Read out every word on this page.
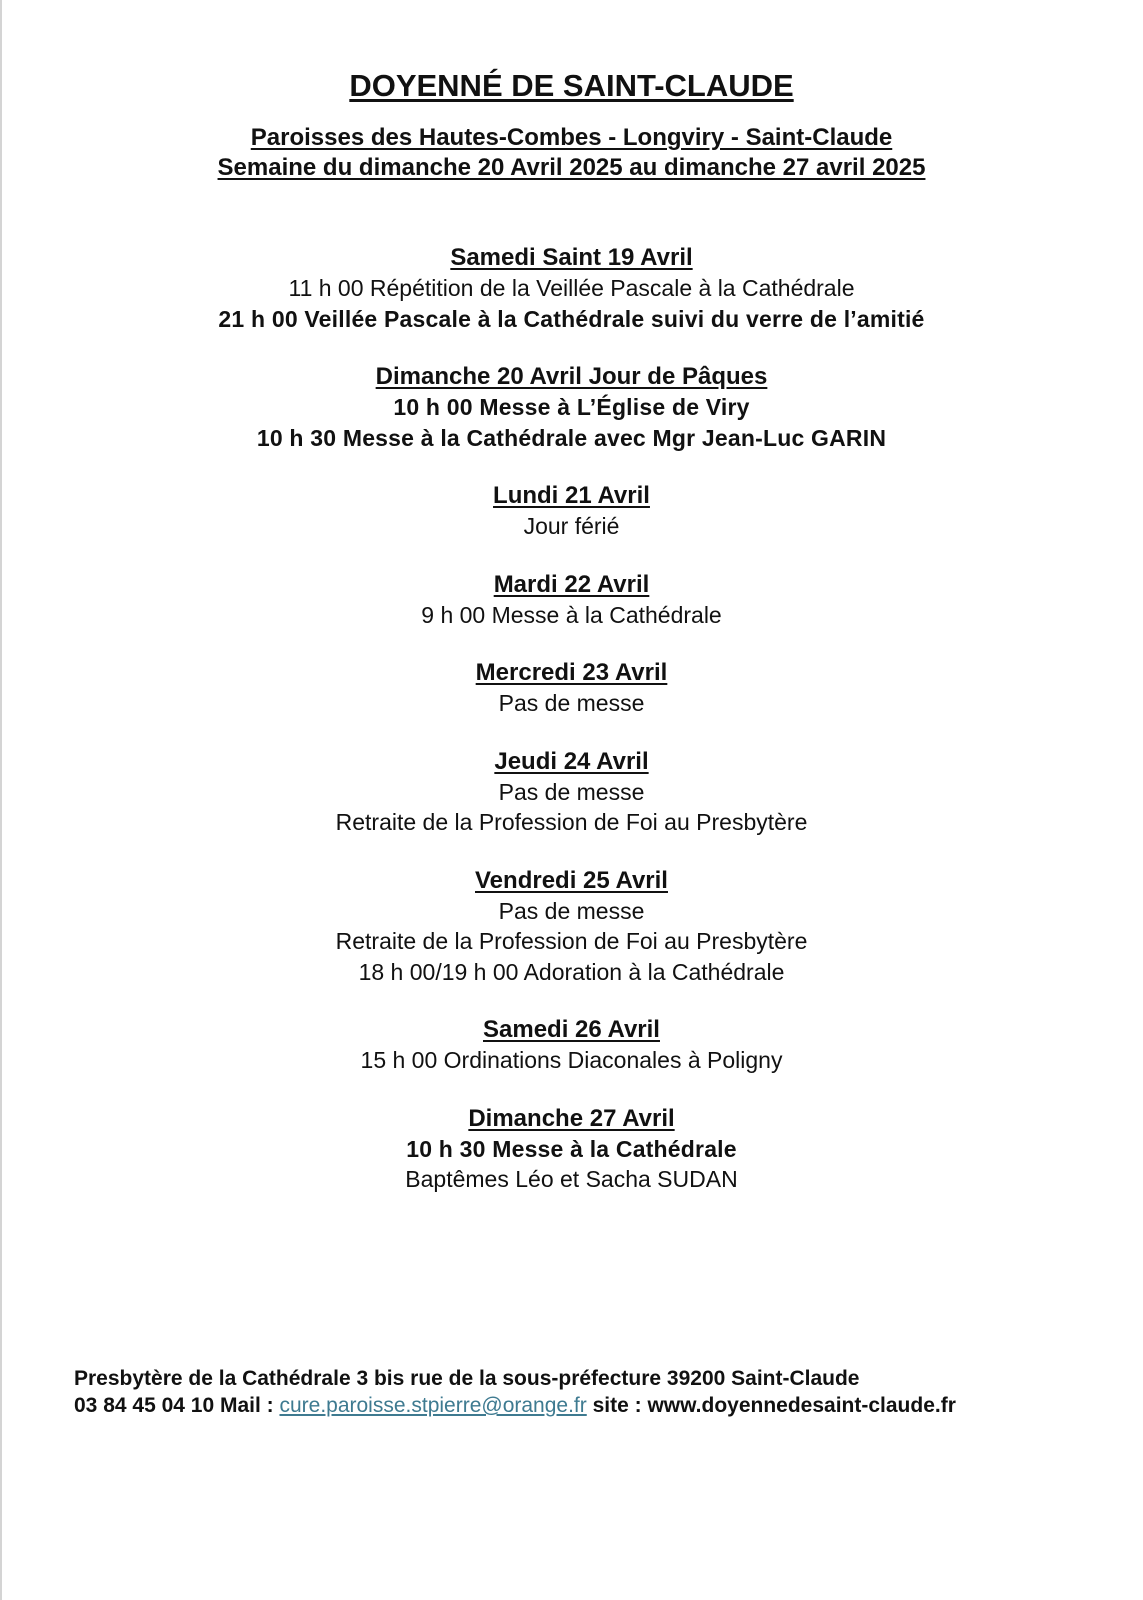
DOYENNÉ DE SAINT-CLAUDE
Paroisses des Hautes-Combes - Longviry - Saint-Claude
Semaine du dimanche 20 Avril 2025 au dimanche 27 avril 2025
Samedi Saint 19 Avril
11 h 00 Répétition de la Veillée Pascale à la Cathédrale
21 h 00 Veillée Pascale à la Cathédrale suivi du verre de l’amitié
Dimanche 20 Avril Jour de Pâques
10 h 00 Messe à L’Église de Viry
10 h 30 Messe à la Cathédrale avec Mgr Jean-Luc GARIN
Lundi 21 Avril
Jour férié
Mardi 22 Avril
9 h 00 Messe à la Cathédrale
Mercredi 23 Avril
Pas de messe
Jeudi 24 Avril
Pas de messe
Retraite de la Profession de Foi au Presbytère
Vendredi 25 Avril
Pas de messe
Retraite de la Profession de Foi au Presbytère
18 h 00/19 h 00 Adoration à la Cathédrale
Samedi 26 Avril
15 h 00 Ordinations Diaconales à Poligny
Dimanche 27 Avril
10 h 30 Messe à la Cathédrale
Baptêmes Léo et Sacha SUDAN
Presbytère de la Cathédrale 3 bis rue de la sous-préfecture 39200 Saint-Claude
03 84 45 04 10 Mail : cure.paroisse.stpierre@orange.fr site : www.doyennedesaint-claude.fr
